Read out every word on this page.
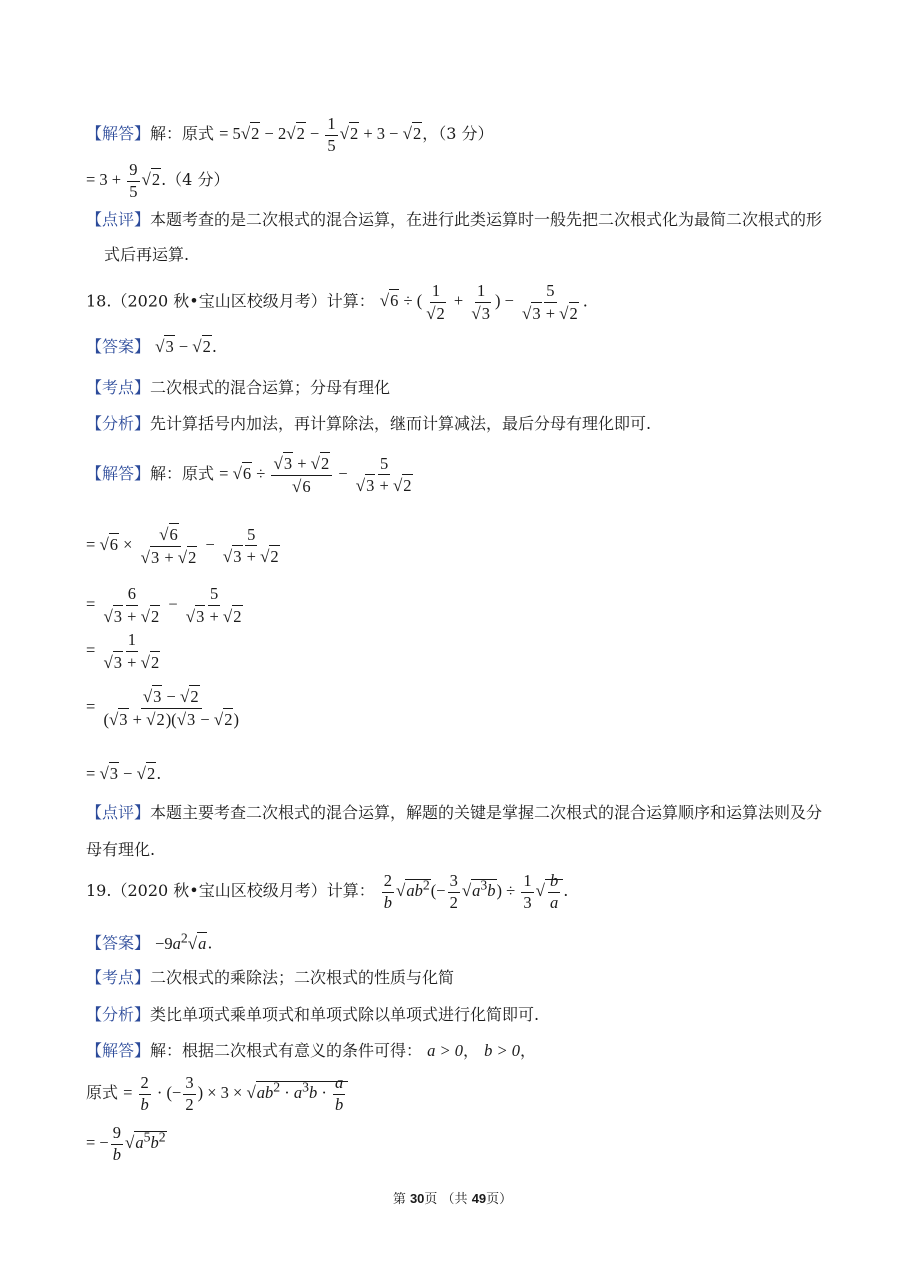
【解答】解：原式 = $5√2 - 2√2 - \frac{1}{5} √2 + 3 - √2$，（3 分）
= $3 + \frac{9}{5} √2.(4$ 分）
【点评】本题考查的是二次根式的混合运算，在进行此类运算时一般先把二次根式化为最简二次根式的形
式后再运算.
18.（2020 秋•宝山区校级月考）计算： √6 ÷ ( $\frac{1}{√2} + \frac{1}{√3}$ ) − $\frac{5}{√3 + √2}$ .
【答案】 √3 − √2.
【考点】二次根式的混合运算；分母有理化
【分析】先计算括号内加法，再计算除法，继而计算减法，最后分母有理化即可.
【解答】解：原式 = $√6 \div \frac{√3 + √2}{√6} - \frac{5}{√3 + √2}$
= $√6 \times \frac{√6}{√3 + √2} - \frac{5}{√3 + √2}$
= $\frac{6}{√3 + √2} - \frac{5}{√3 + √2}$
= $\frac{1}{√3 + √2}$
= $\frac{√3 - √2}{(√3 + √2)(√3 - √2)}$
= √3 − √2.
【点评】本题主要考查二次根式的混合运算，解题的关键是掌握二次根式的混合运算顺序和运算法则及分
母有理化.
19.（2020 秋•宝山区校级月考）计算： $\frac{2}{b} √ab^2(- \frac{3}{2} √a^3b) \div \frac{1}{3}$ √ $\frac{b}{a}$ .
【答案】 $-9a^2√a$.
【考点】二次根式的乘除法；二次根式的性质与化简
【分析】类比单项式乘单项式和单项式除以单项式进行化简即可.
【解答】解：根据二次根式有意义的条件可得： a > 0， b > 0，
原式 = $\frac{2}{b}$ · (− $\frac{3}{2}$ ) × $3 \times √ab^2 \cdot a^3b \cdot \frac{a}{b}$
= − $\frac{9}{b} √a^5b^2$
第 30页 （共 49页）
